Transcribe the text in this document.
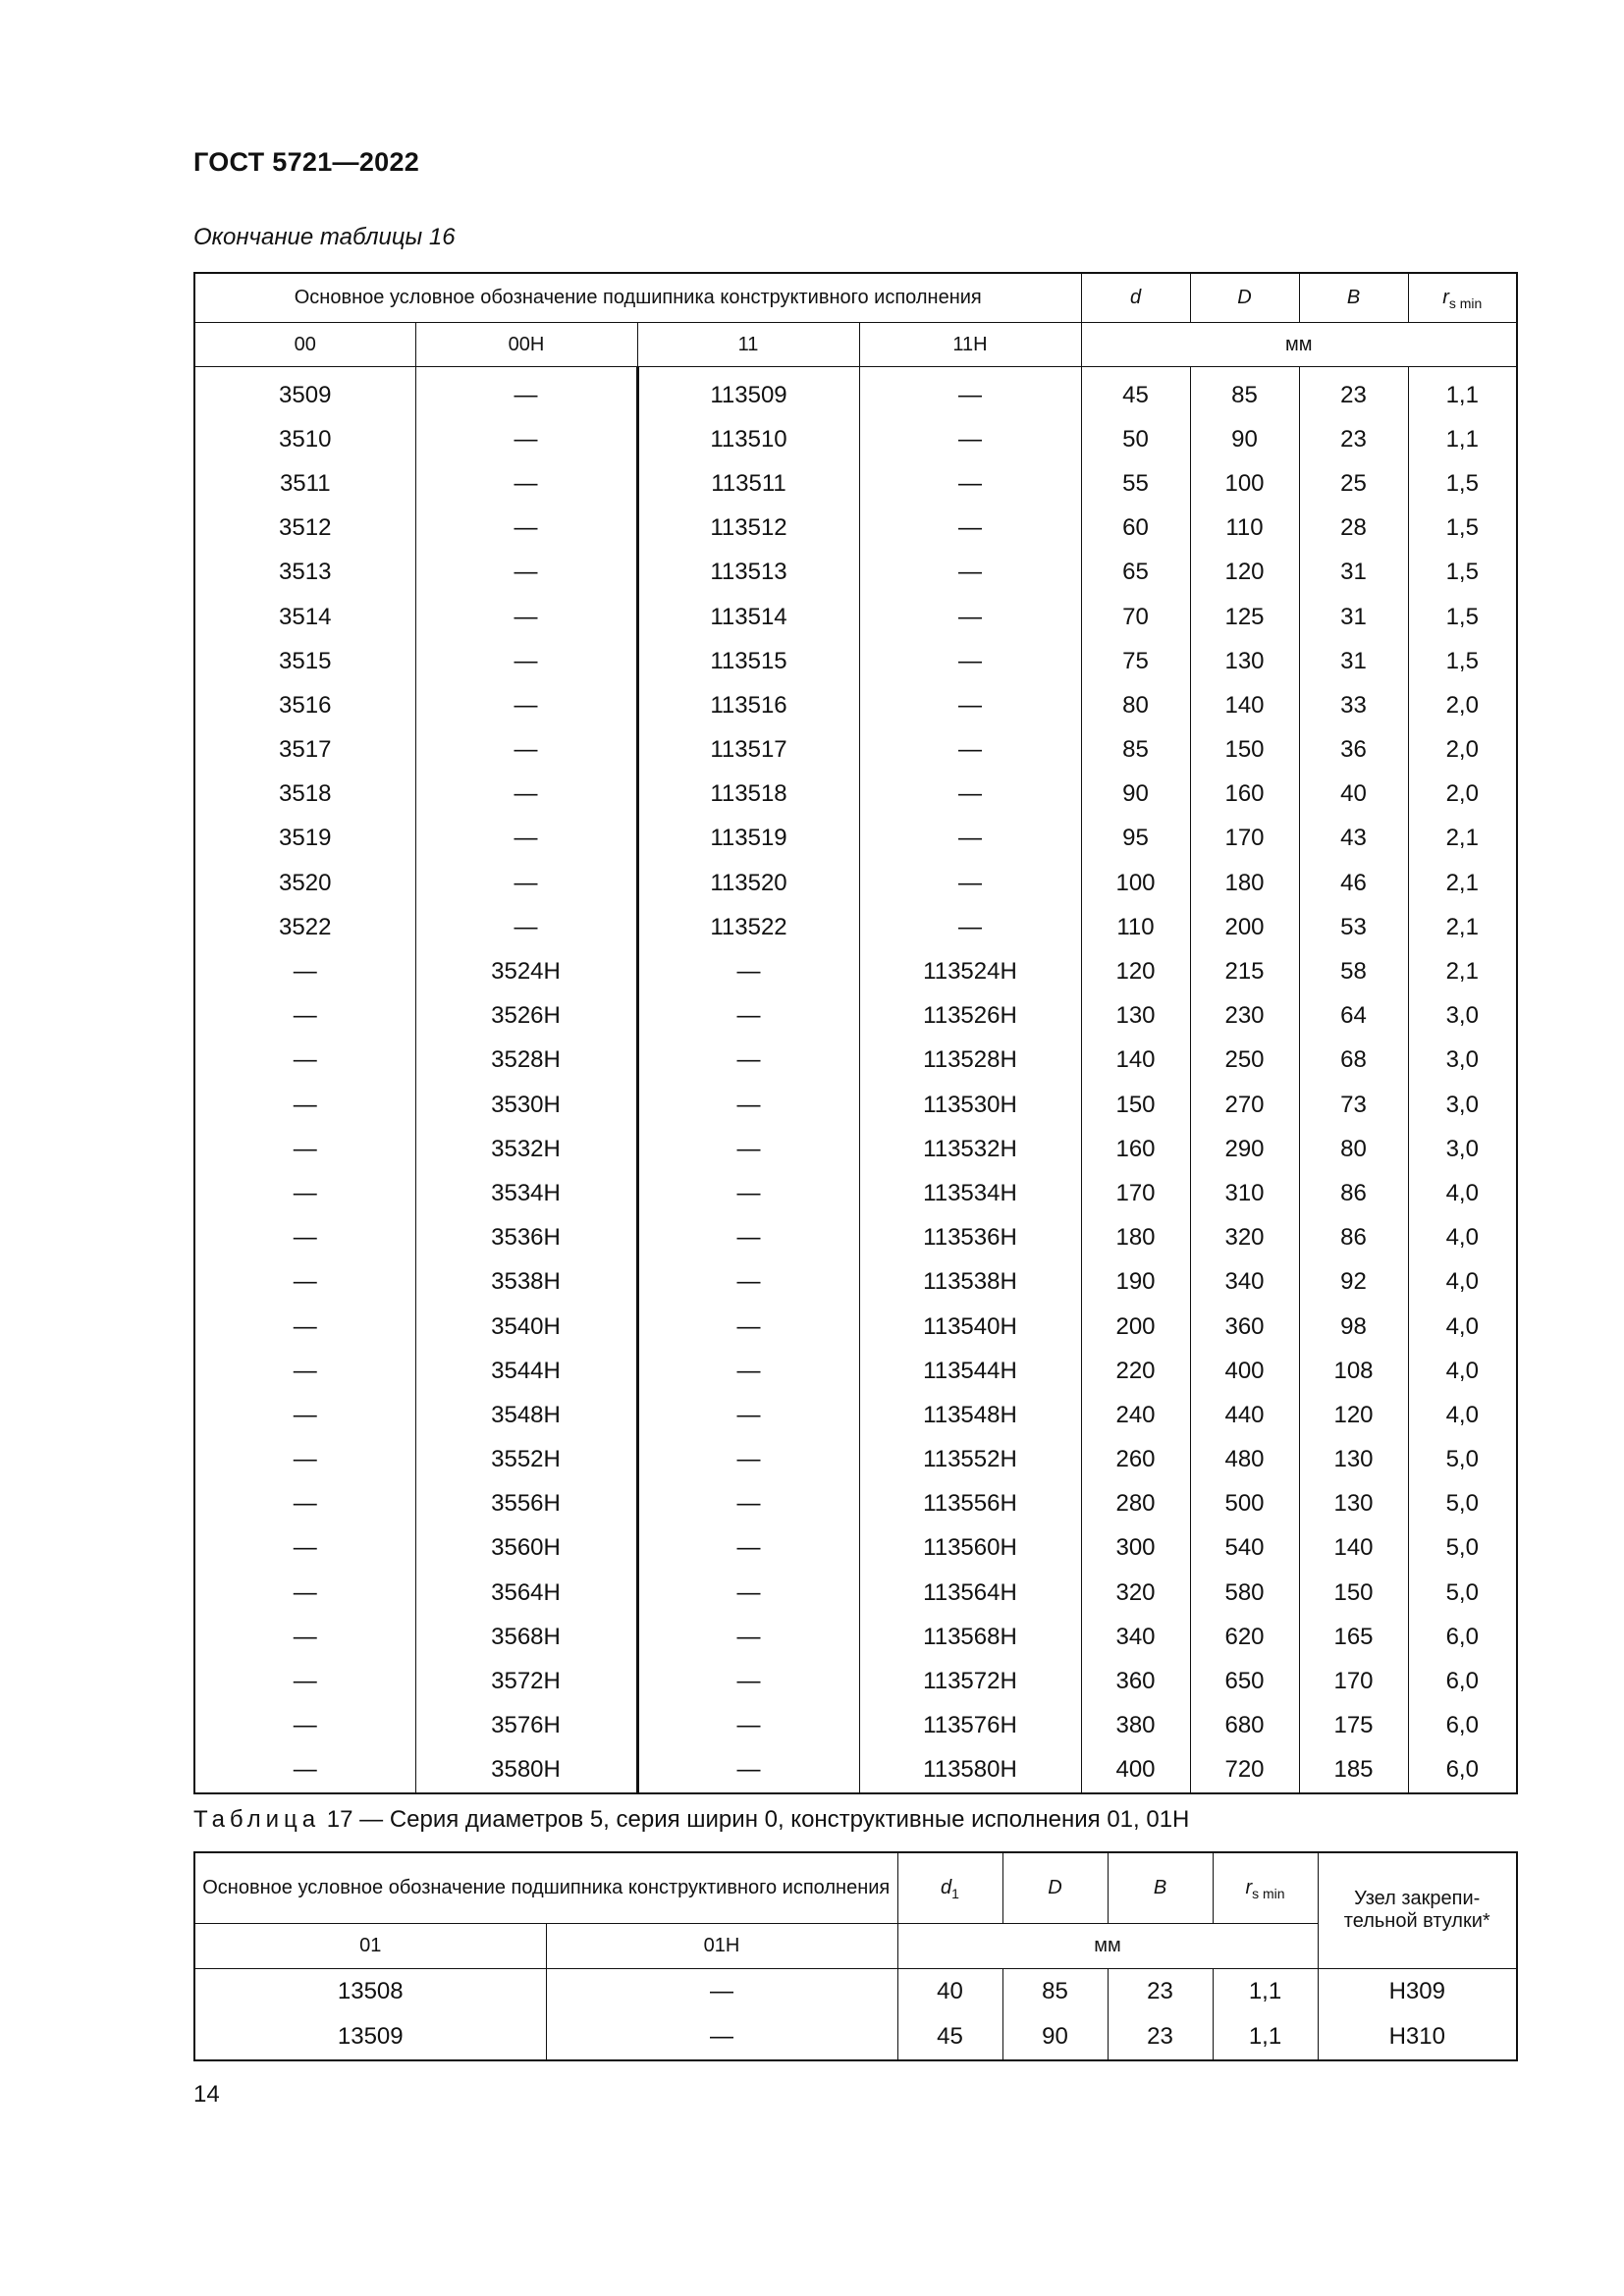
ГОСТ 5721—2022
Окончание таблицы 16
Основное условное обозначение подшипника конструктивного исполнения				d	D	B	$r_{s min}$
00	00H	11	11H	мм			
3509	—	113509	—	45	85	23	1,1
3510	—	113510	—	50	90	23	1,1
3511	—	113511	—	55	100	25	1,5
3512	—	113512	—	60	110	28	1,5
3513	—	113513	—	65	120	31	1,5
3514	—	113514	—	70	125	31	1,5
3515	—	113515	—	75	130	31	1,5
3516	—	113516	—	80	140	33	2,0
3517	—	113517	—	85	150	36	2,0
3518	—	113518	—	90	160	40	2,0
3519	—	113519	—	95	170	43	2,1
3520	—	113520	—	100	180	46	2,1
3522	—	113522	—	110	200	53	2,1
—	3524H	—	113524H	120	215	58	2,1
—	3526H	—	113526H	130	230	64	3,0
—	3528H	—	113528H	140	250	68	3,0
—	3530H	—	113530H	150	270	73	3,0
—	3532H	—	113532H	160	290	80	3,0
—	3534H	—	113534H	170	310	86	4,0
—	3536H	—	113536H	180	320	86	4,0
—	3538H	—	113538H	190	340	92	4,0
—	3540H	—	113540H	200	360	98	4,0
—	3544H	—	113544H	220	400	108	4,0
—	3548H	—	113548H	240	440	120	4,0
—	3552H	—	113552H	260	480	130	5,0
—	3556H	—	113556H	280	500	130	5,0
—	3560H	—	113560H	300	540	140	5,0
—	3564H	—	113564H	320	580	150	5,0
—	3568H	—	113568H	340	620	165	6,0
—	3572H	—	113572H	360	650	170	6,0
—	3576H	—	113576H	380	680	175	6,0
—	3580H	—	113580H	400	720	185	6,0
Таблица 17 — Серия диаметров 5, серия ширин 0, конструктивные исполнения 01, 01H
Основное условное обозначение подшипника конструктивного исполнения		$d_1$	D	B	$r_{s min}$	Узел закрепи-тельной втулки*
01	01H	мм				
13508	—	40	85	23	1,1	H309
13509	—	45	90	23	1,1	H310
14
